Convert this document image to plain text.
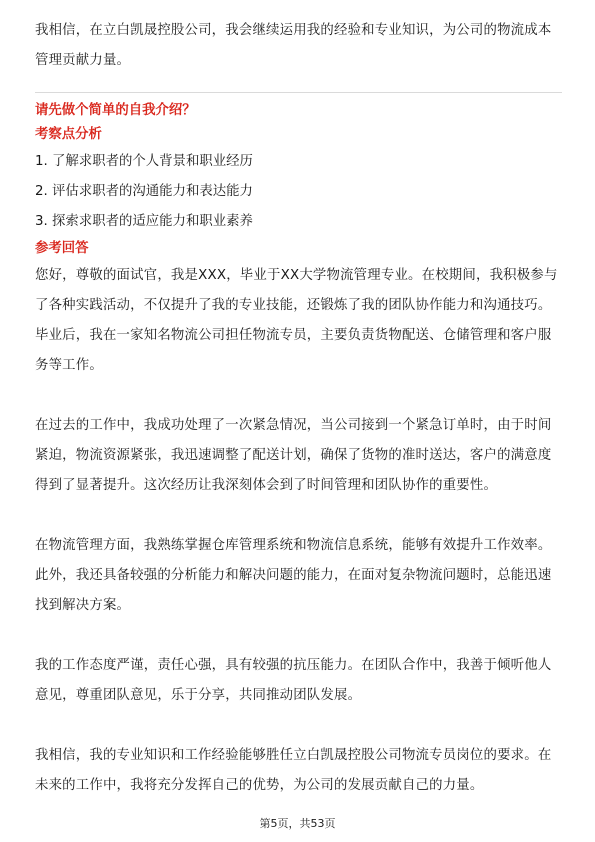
我相信，在立白凯晟控股公司，我会继续运用我的经验和专业知识，为公司的物流成本管理贡献力量。

请先做个简单的自我介绍？

考察点分析

1. 了解求职者的个人背景和职业经历
2. 评估求职者的沟通能力和表达能力
3. 探索求职者的适应能力和职业素养

参考回答

您好，尊敬的面试官，我是XXX，毕业于XX大学物流管理专业。在校期间，我积极参与了各种实践活动，不仅提升了我的专业技能，还锻炼了我的团队协作能力和沟通技巧。毕业后，我在一家知名物流公司担任物流专员，主要负责货物配送、仓储管理和客户服务等工作。

在过去的工作中，我成功处理了一次紧急情况，当公司接到一个紧急订单时，由于时间紧迫，物流资源紧张，我迅速调整了配送计划，确保了货物的准时送达，客户的满意度得到了显著提升。这次经历让我深刻体会到了时间管理和团队协作的重要性。

在物流管理方面，我熟练掌握仓库管理系统和物流信息系统，能够有效提升工作效率。此外，我还具备较强的分析能力和解决问题的能力，在面对复杂物流问题时，总能迅速找到解决方案。

我的工作态度严谨，责任心强，具有较强的抗压能力。在团队合作中，我善于倾听他人意见，尊重团队意见，乐于分享，共同推动团队发展。

我相信，我的专业知识和工作经验能够胜任立白凯晟控股公司物流专员岗位的要求。在未来的工作中，我将充分发挥自己的优势，为公司的发展贡献自己的力量。

第5页，共53页
